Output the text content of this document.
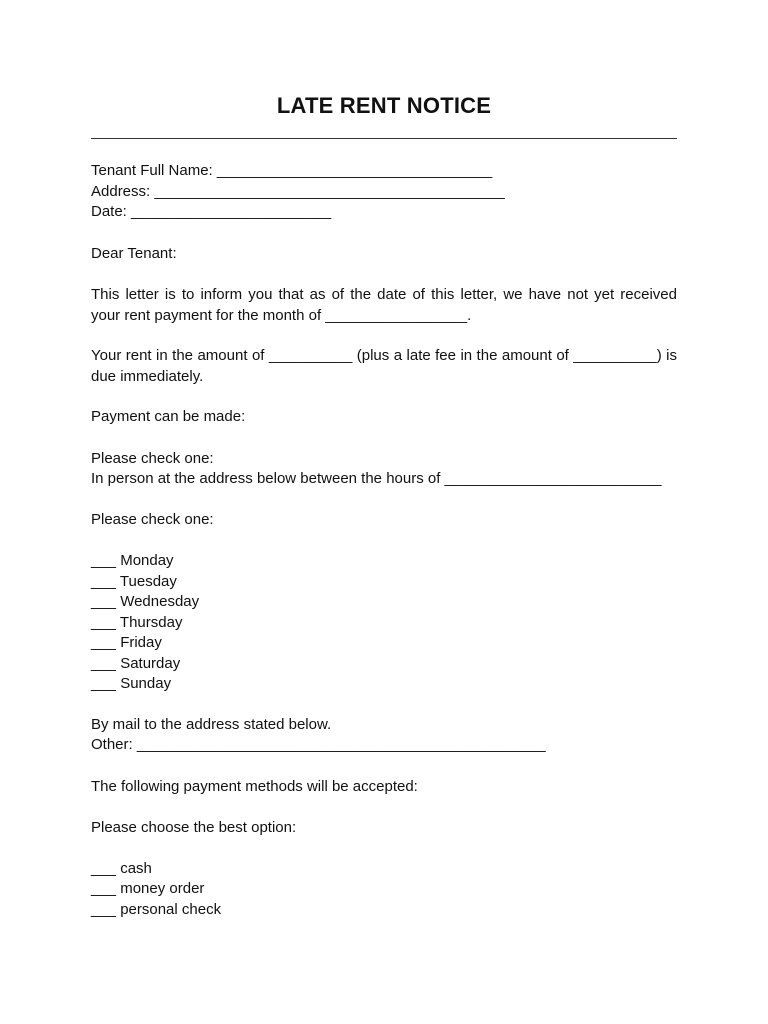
LATE RENT NOTICE
Tenant Full Name: _________________________________
Address: __________________________________________
Date: ________________________
Dear Tenant:
This letter is to inform you that as of the date of this letter, we have not yet received
your rent payment for the month of _________________.
Your rent in the amount of __________ (plus a late fee in the amount of __________) is
due immediately.
Payment can be made:
Please check one:
In person at the address below between the hours of __________________________
Please check one:
___ Monday
___ Tuesday
___ Wednesday
___ Thursday
___ Friday
___ Saturday
___ Sunday
By mail to the address stated below.
Other: _________________________________________________
The following payment methods will be accepted:
Please choose the best option:
___ cash
___ money order
___ personal check
